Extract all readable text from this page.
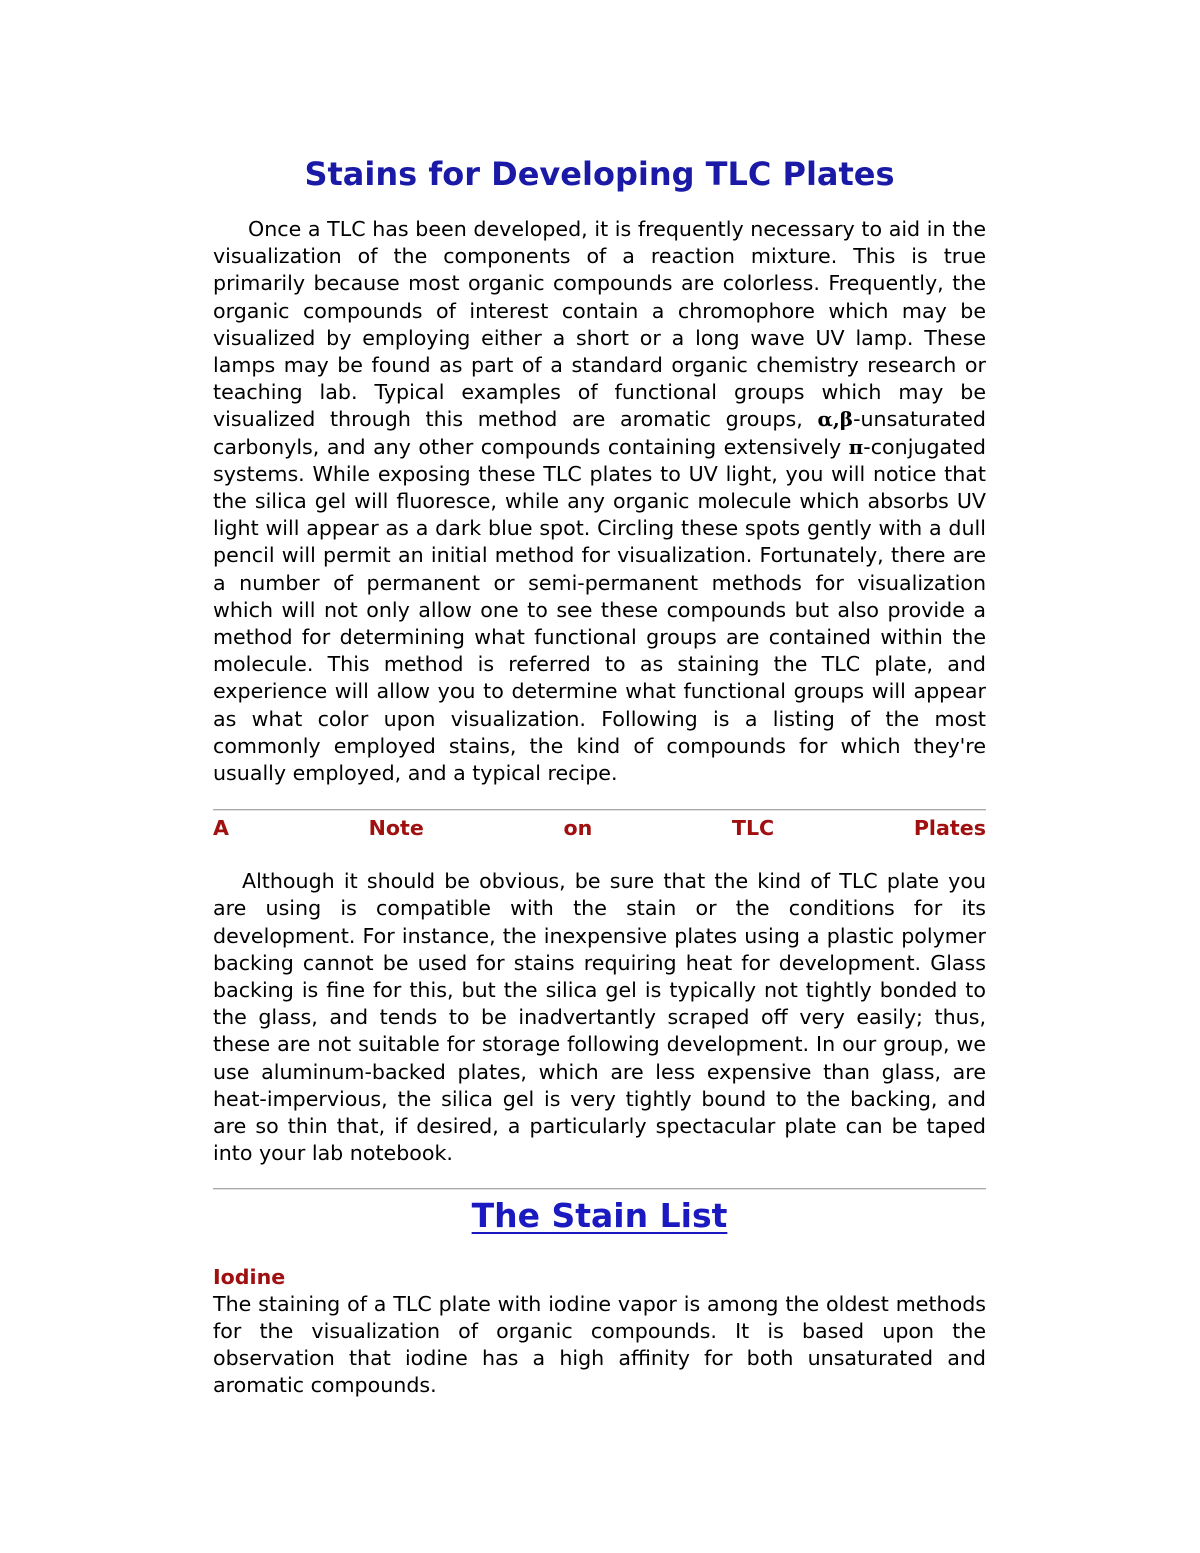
Stains for Developing TLC Plates

Once a TLC has been developed, it is frequently necessary to aid in the visualization of the components of a reaction mixture. This is true primarily because most organic compounds are colorless. Frequently, the organic compounds of interest contain a chromophore which may be visualized by employing either a short or a long wave UV lamp. These lamps may be found as part of a standard organic chemistry research or teaching lab. Typical examples of functional groups which may be visualized through this method are aromatic groups, α,β-unsaturated carbonyls, and any other compounds containing extensively π-conjugated systems. While exposing these TLC plates to UV light, you will notice that the silica gel will fluoresce, while any organic molecule which absorbs UV light will appear as a dark blue spot. Circling these spots gently with a dull pencil will permit an initial method for visualization. Fortunately, there are a number of permanent or semi-permanent methods for visualization which will not only allow one to see these compounds but also provide a method for determining what functional groups are contained within the molecule. This method is referred to as staining the TLC plate, and experience will allow you to determine what functional groups will appear as what color upon visualization. Following is a listing of the most commonly employed stains, the kind of compounds for which they're usually employed, and a typical recipe.

A	Note	on	TLC	Plates

Although it should be obvious, be sure that the kind of TLC plate you are using is compatible with the stain or the conditions for its development. For instance, the inexpensive plates using a plastic polymer backing cannot be used for stains requiring heat for development. Glass backing is fine for this, but the silica gel is typically not tightly bonded to the glass, and tends to be inadvertantly scraped off very easily; thus, these are not suitable for storage following development. In our group, we use aluminum-backed plates, which are less expensive than glass, are heat-impervious, the silica gel is very tightly bound to the backing, and are so thin that, if desired, a particularly spectacular plate can be taped into your lab notebook.

The Stain List
Iodine

The staining of a TLC plate with iodine vapor is among the oldest methods for the visualization of organic compounds. It is based upon the observation that iodine has a high affinity for both unsaturated and aromatic compounds.
